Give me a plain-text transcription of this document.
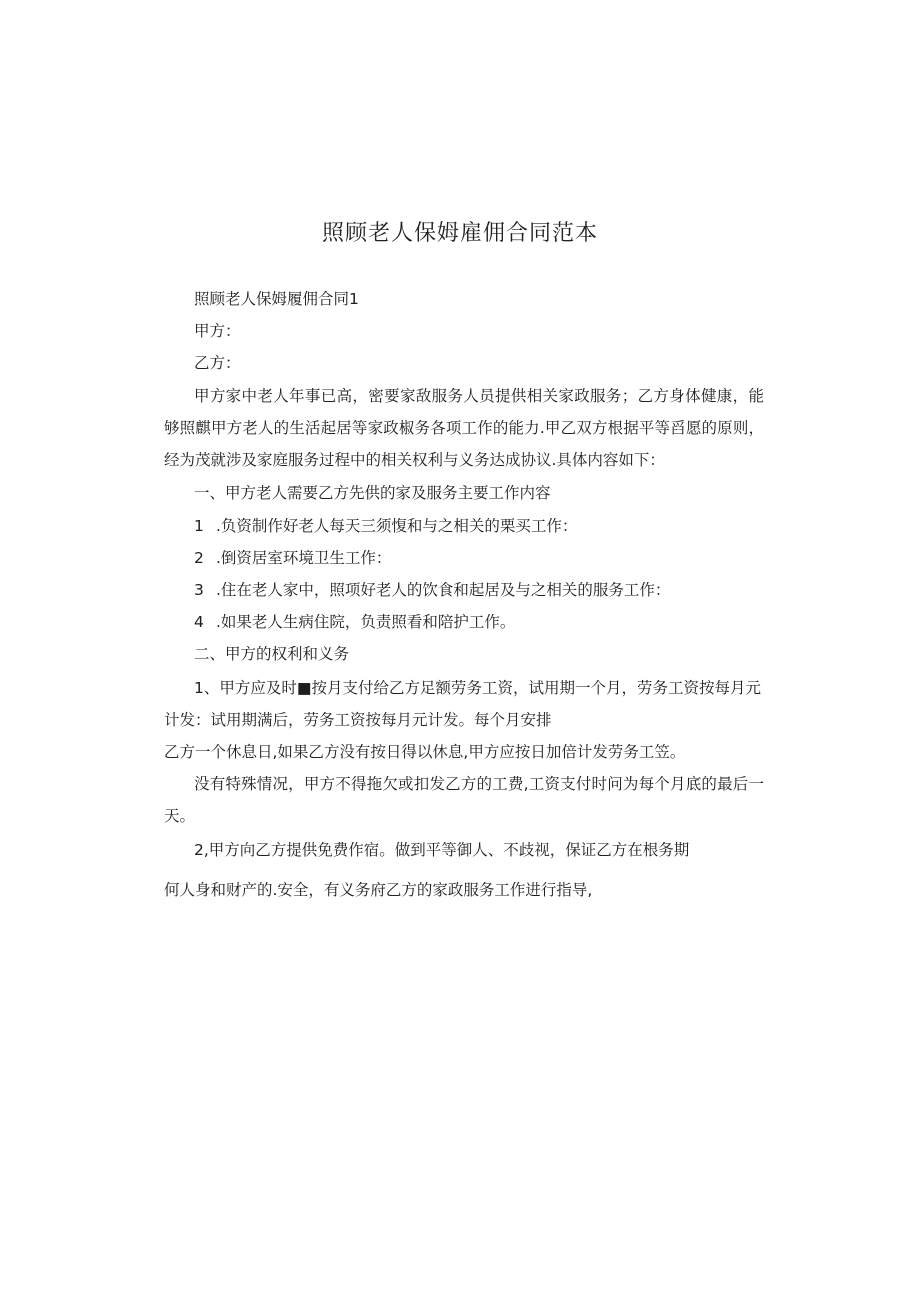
照顾老人保姆雇佣合同范本
照顾老人保姆履佣合同1
甲方：
乙方：
甲方家中老人年事已高，密要家敌服务人员提供相关家政服务；乙方身体健康，能够照麒甲方老人的生活起居等家政椒务各项工作的能力.甲乙双方根据平等舀愿的原则，经为茂就涉及家庭服务过程中的相关权利与义务达成协议.具体内容如下：
一、甲方老人需要乙方先供的家及服务主要工作内容
1 .负资制作好老人每天三须愎和与之相关的栗买工作：
2 .倒资居室环境卫生工作：
3 .住在老人家中，照项好老人的饮食和起居及与之相关的服务工作：
4 .如果老人生病住院，负责照看和陪护工作。
二、甲方的权利和义务
1、甲方应及时■按月支付给乙方足额劳务工资，试用期一个月，劳务工资按每月元
计发：试用期满后，劳务工资按每月元计发。每个月安排
乙方一个休息日,如果乙方没有按日得以休息,甲方应按日加倍计发劳务工笠。
没有特殊情况，甲方不得拖欠或扣发乙方的工费,工资支付时问为每个月底的最后一天。
2,甲方向乙方提供免费作宿。做到平等御人、不歧视，保证乙方在根务期
何人身和财产的.安全，有义务府乙方的家政服务工作进行指导,
